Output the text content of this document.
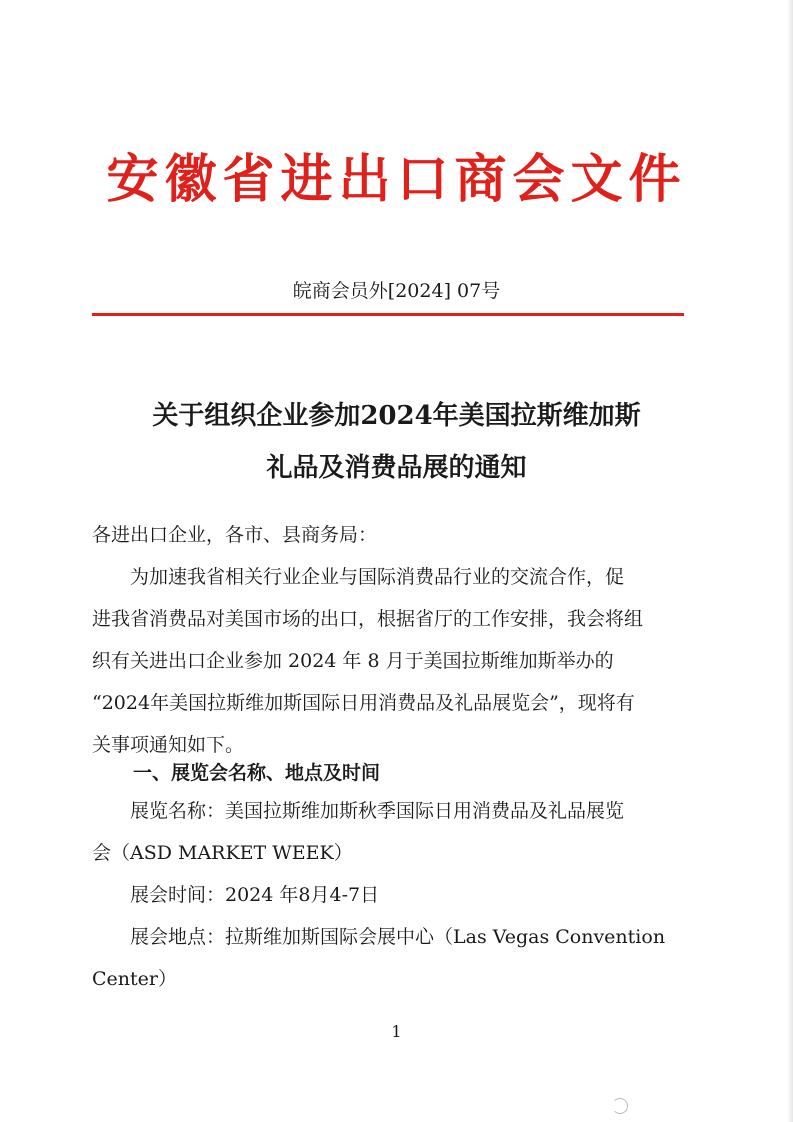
安徽省进出口商会文件
皖商会员外[2024] 07号
关于组织企业参加2024年美国拉斯维加斯
礼品及消费品展的通知
各进出口企业，各市、县商务局：
　　为加速我省相关行业企业与国际消费品行业的交流合作，促
进我省消费品对美国市场的出口，根据省厅的工作安排，我会将组
织有关进出口企业参加 2024 年 8 月于美国拉斯维加斯举办的
“2024年美国拉斯维加斯国际日用消费品及礼品展览会”，现将有
关事项通知如下。
一、展览会名称、地点及时间
　　展览名称：美国拉斯维加斯秋季国际日用消费品及礼品展览
会（ASD MARKET WEEK）
　　展会时间：2024 年8月4-7日
　　展会地点：拉斯维加斯国际会展中心（Las Vegas Convention
Center）
1
